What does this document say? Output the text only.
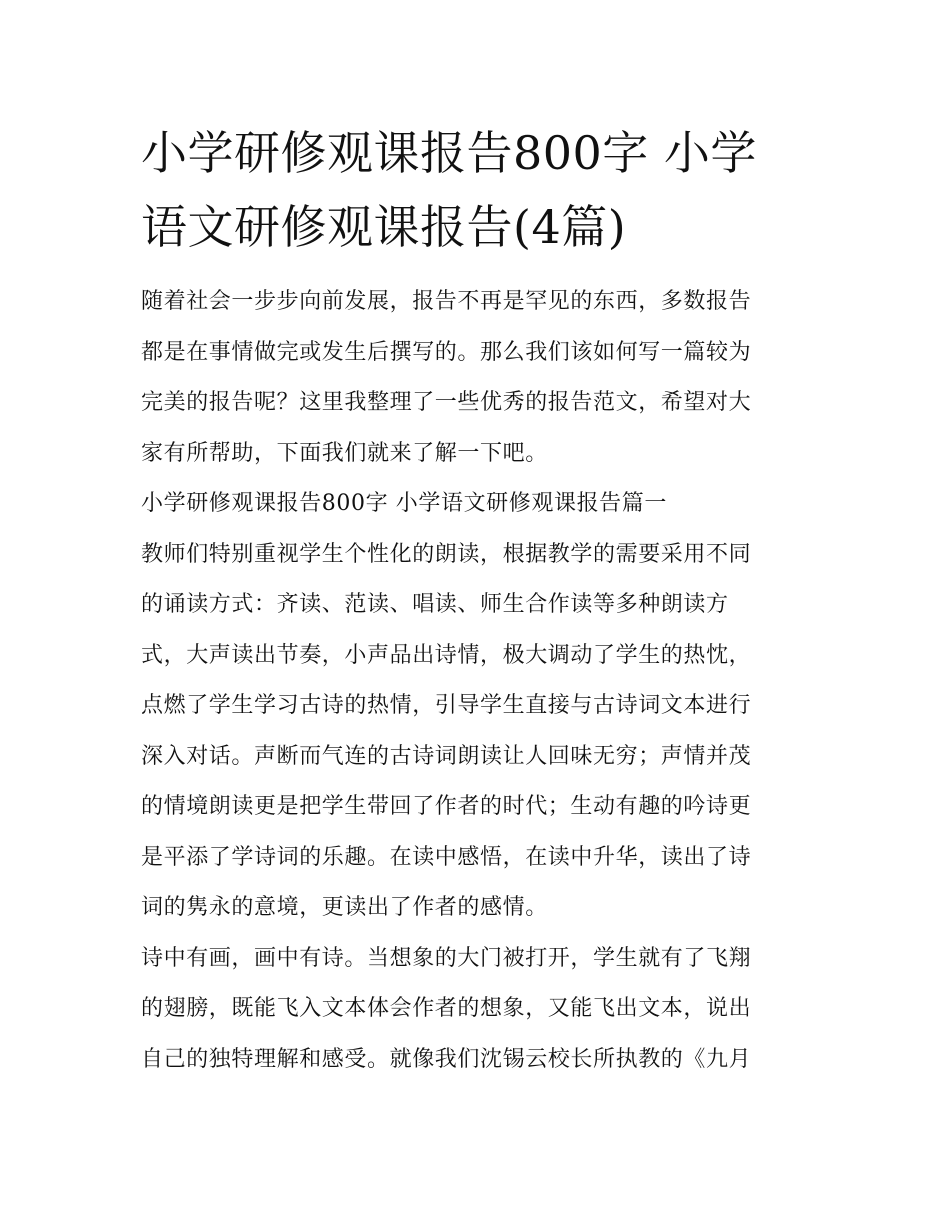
小学研修观课报告800字 小学
语文研修观课报告(4篇)

随着社会一步步向前发展，报告不再是罕见的东西，多数报告
都是在事情做完或发生后撰写的。那么我们该如何写一篇较为
完美的报告呢？这里我整理了一些优秀的报告范文，希望对大
家有所帮助，下面我们就来了解一下吧。

小学研修观课报告800字 小学语文研修观课报告篇一

教师们特别重视学生个性化的朗读，根据教学的需要采用不同
的诵读方式：齐读、范读、唱读、师生合作读等多种朗读方
式，大声读出节奏，小声品出诗情，极大调动了学生的热忱，
点燃了学生学习古诗的热情，引导学生直接与古诗词文本进行
深入对话。声断而气连的古诗词朗读让人回味无穷；声情并茂
的情境朗读更是把学生带回了作者的时代；生动有趣的吟诗更
是平添了学诗词的乐趣。在读中感悟，在读中升华，读出了诗
词的隽永的意境，更读出了作者的感情。

诗中有画，画中有诗。当想象的大门被打开，学生就有了飞翔
的翅膀，既能飞入文本体会作者的想象，又能飞出文本，说出
自己的独特理解和感受。就像我们沈锡云校长所执教的《九月
